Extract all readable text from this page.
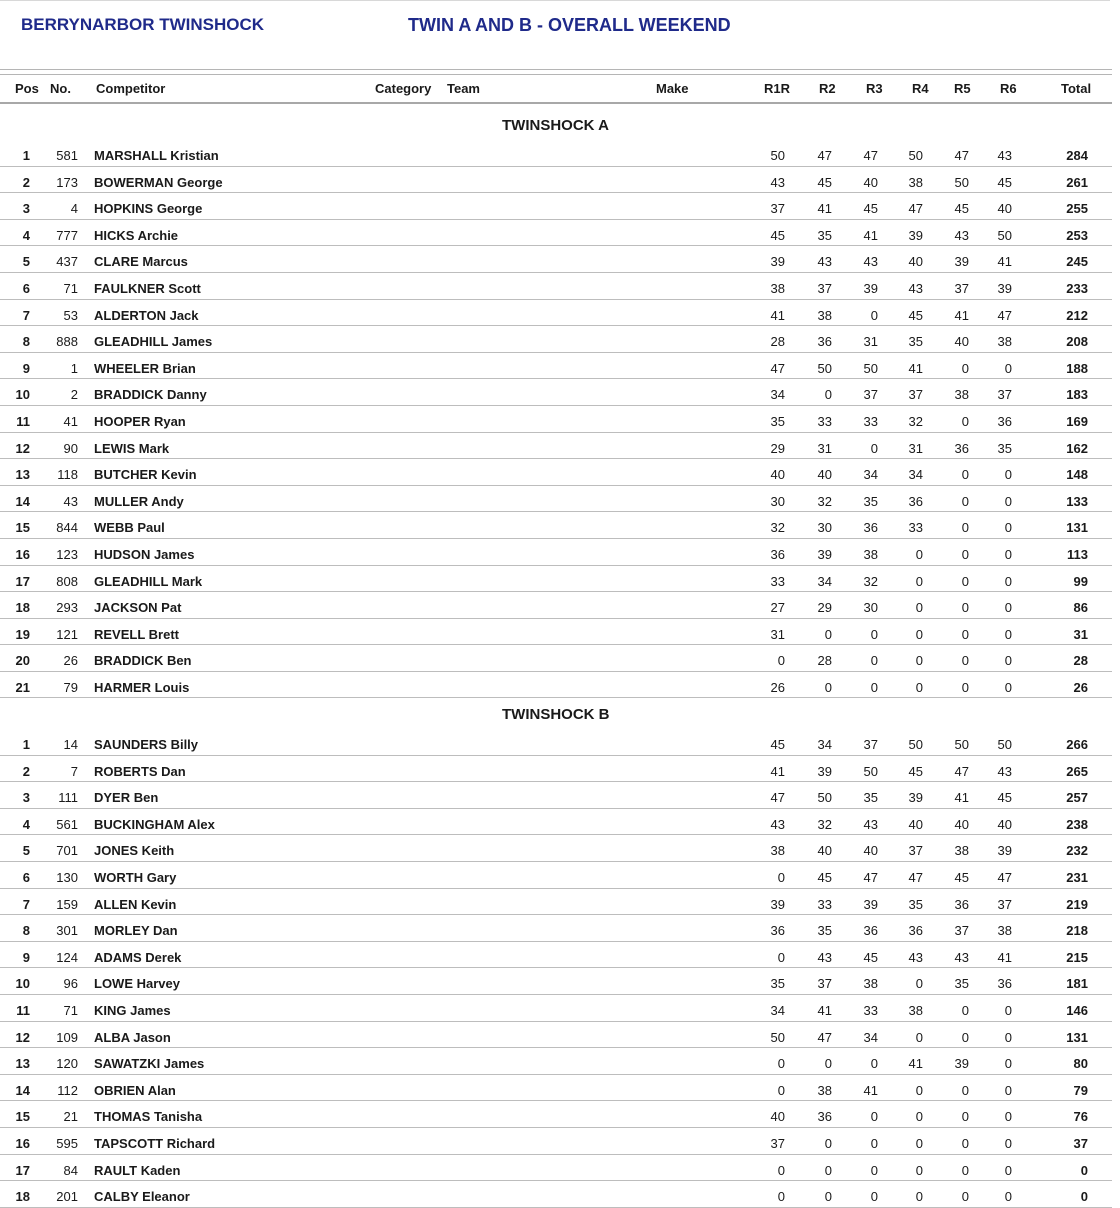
BERRYNARBOR TWINSHOCK	TWIN A AND B - OVERALL WEEKEND
Pos No. Competitor	Category Team	Make	R1R R2 R3 R4 R5 R6	Total
TWINSHOCK A
1	581 MARSHALL Kristian	50	47	47	50	47	43	284
2	173 BOWERMAN George	43	45	40	38	50	45	261
3	4 HOPKINS George	37	41	45	47	45	40	255
4	777 HICKS Archie	45	35	41	39	43	50	253
5	437 CLARE Marcus	39	43	43	40	39	41	245
6	71 FAULKNER Scott	38	37	39	43	37	39	233
7	53 ALDERTON Jack	41	38	0	45	41	47	212
8	888 GLEADHILL James	28	36	31	35	40	38	208
9	1 WHEELER Brian	47	50	50	41	0	0	188
10	2 BRADDICK Danny	34	0	37	37	38	37	183
11	41 HOOPER Ryan	35	33	33	32	0	36	169
12	90 LEWIS Mark	29	31	0	31	36	35	162
13	118 BUTCHER Kevin	40	40	34	34	0	0	148
14	43 MULLER Andy	30	32	35	36	0	0	133
15	844 WEBB Paul	32	30	36	33	0	0	131
16	123 HUDSON James	36	39	38	0	0	0	113
17	808 GLEADHILL Mark	33	34	32	0	0	0	99
18	293 JACKSON Pat	27	29	30	0	0	0	86
19	121 REVELL Brett	31	0	0	0	0	0	31
20	26 BRADDICK Ben	0	28	0	0	0	0	28
21	79 HARMER Louis	26	0	0	0	0	0	26
TWINSHOCK B
1	14 SAUNDERS Billy	45	34	37	50	50	50	266
2	7 ROBERTS Dan	41	39	50	45	47	43	265
3	111 DYER Ben	47	50	35	39	41	45	257
4	561 BUCKINGHAM Alex	43	32	43	40	40	40	238
5	701 JONES Keith	38	40	40	37	38	39	232
6	130 WORTH Gary	0	45	47	47	45	47	231
7	159 ALLEN Kevin	39	33	39	35	36	37	219
8	301 MORLEY Dan	36	35	36	36	37	38	218
9	124 ADAMS Derek	0	43	45	43	43	41	215
10	96 LOWE Harvey	35	37	38	0	35	36	181
11	71 KING James	34	41	33	38	0	0	146
12	109 ALBA Jason	50	47	34	0	0	0	131
13	120 SAWATZKI James	0	0	0	41	39	0	80
14	112 OBRIEN Alan	0	38	41	0	0	0	79
15	21 THOMAS Tanisha	40	36	0	0	0	0	76
16	595 TAPSCOTT Richard	37	0	0	0	0	0	37
17	84 RAULT Kaden	0	0	0	0	0	0	0
18	201 CALBY Eleanor	0	0	0	0	0	0	0
